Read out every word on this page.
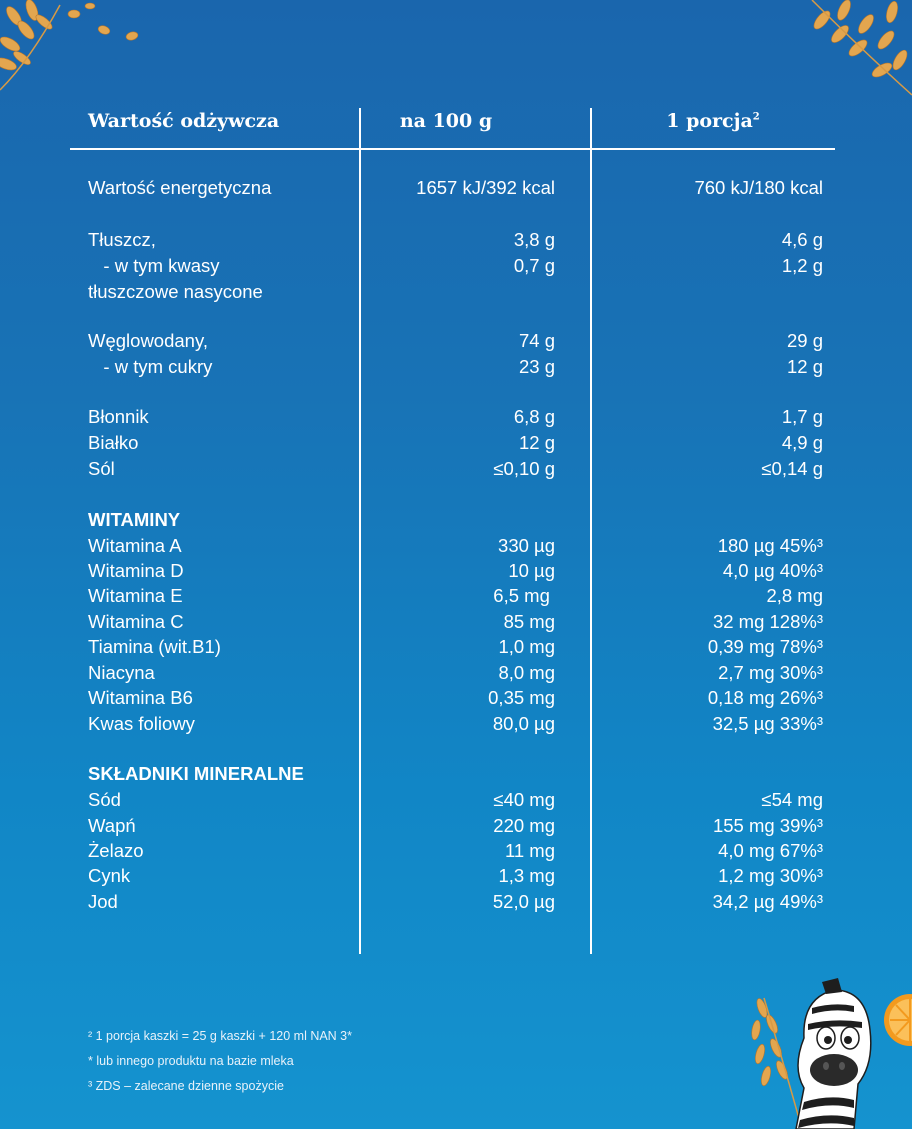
Wartość odżywcza	na 100 g	1 porcja$^2$
Wartość energetyczna	1657 kJ/392 kcal	760 kJ/180 kcal
Tłuszcz,	3,8 g	4,6 g
- w tym kwasy	0,7 g	1,2 g
tłuszczowe nasycone
Węglowodany,	74 g	29 g
- w tym cukry	23 g	12 g
Błonnik	6,8 g	1,7 g
Białko	12 g	4,9 g
Sól	≤0,10 g	≤0,14 g
WITAMINY
Witamina A	330 µg	180 µg 45%³
Witamina D	10 µg	4,0 µg 40%³
Witamina E	6,5 mg	2,8 mg
Witamina C	85 mg	32 mg 128%³
Tiamina (wit.B1)	1,0 mg	0,39 mg 78%³
Niacyna	8,0 mg	2,7 mg 30%³
Witamina B6	0,35 mg	0,18 mg 26%³
Kwas foliowy	80,0 µg	32,5 µg 33%³
SKŁADNIKI MINERALNE
Sód	≤40 mg	≤54 mg
Wapń	220 mg	155 mg 39%³
Żelazo	11 mg	4,0 mg 67%³
Cynk	1,3 mg	1,2 mg 30%³
Jod	52,0 µg	34,2 µg 49%³
² 1 porcja kaszki = 25 g kaszki + 120 ml NAN 3*
* lub innego produktu na bazie mleka
³ ZDS – zalecane dzienne spożycie
